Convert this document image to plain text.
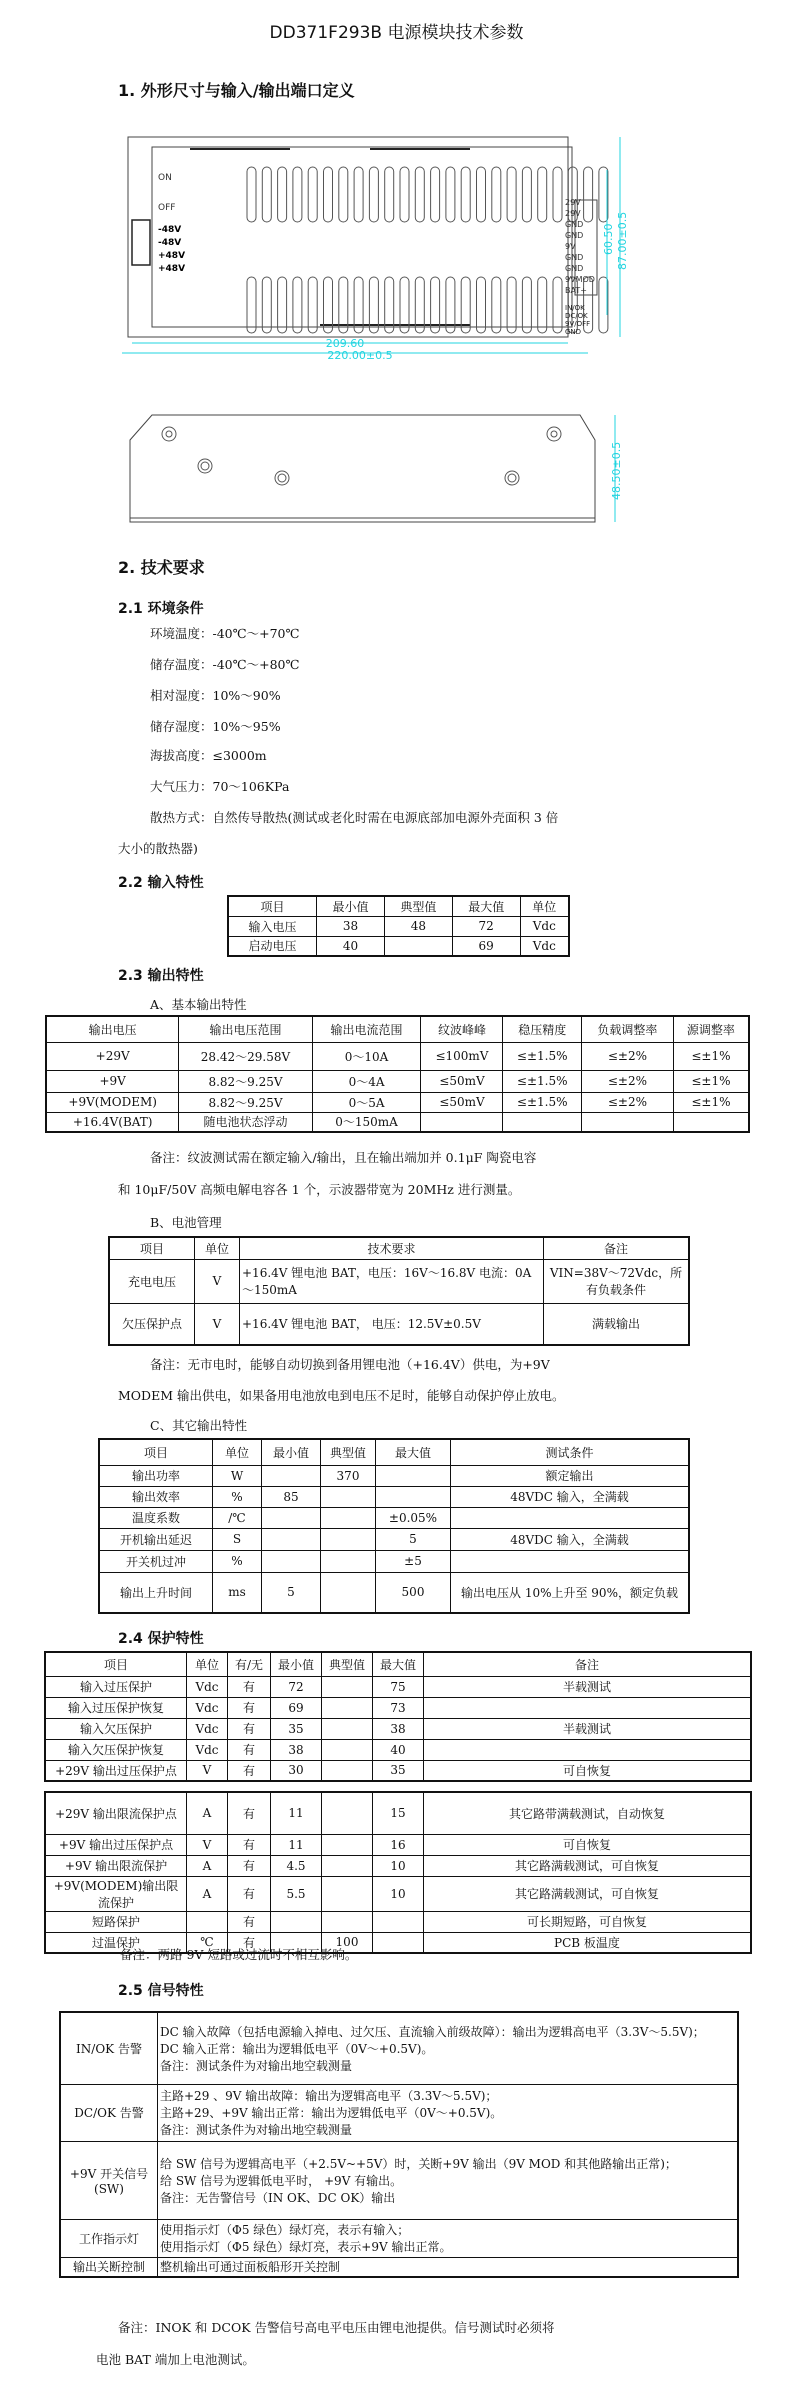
DD371F293B 电源模块技术参数
1. 外形尺寸与输入/输出端口定义
ON
OFF
-48V
-48V
+48V
+48V
29V
29V
GND
GND
9V
GND
GND
9VMOD
BAT+
IN/OK
DC/OK
9V/OFF
GND
209.60
220.00±0.5
60.50 87.00±0.5
48.50±0.5
2. 技术要求
2.1 环境条件
环境温度：-40℃～+70℃
储存温度：-40℃～+80℃
相对湿度：10%～90%
储存湿度：10%～95%
海拔高度：≤3000m
大气压力：70～106KPa
散热方式：自然传导散热(测试或老化时需在电源底部加电源外壳面积 3 倍
大小的散热器)
2.2 输入特性
项目	最小值	典型值	最大值	单位
输入电压	38	48	72	Vdc
启动电压	40		69	Vdc
2.3 输出特性
A、基本输出特性
输出电压	输出电压范围	输出电流范围	纹波峰峰	稳压精度	负载调整率	源调整率
+29V	28.42～29.58V	0～10A	≤100mV	≤±1.5%	≤±2%	≤±1%
+9V	8.82～9.25V	0～4A	≤50mV	≤±1.5%	≤±2%	≤±1%
+9V(MODEM)	8.82～9.25V	0～5A	≤50mV	≤±1.5%	≤±2%	≤±1%
+16.4V(BAT)	随电池状态浮动	0～150mA				
备注：纹波测试需在额定输入/输出，且在输出端加并 0.1μF 陶瓷电容
和 10μF/50V 高频电解电容各 1 个，示波器带宽为 20MHz 进行测量。
B、电池管理
项目	单位	技术要求	备注
充电电压	V	+16.4V 锂电池 BAT，电压：16V～16.8V 电流：0A～150mA	VIN=38V～72Vdc，所有负载条件
欠压保护点	V	+16.4V 锂电池 BAT， 电压：12.5V±0.5V	满载输出
备注：无市电时，能够自动切换到备用锂电池（+16.4V）供电，为+9V
MODEM 输出供电，如果备用电池放电到电压不足时，能够自动保护停止放电。
C、其它输出特性
项目	单位	最小值	典型值	最大值	测试条件
输出功率	W		370		额定输出
输出效率	%	85			48VDC 输入，全满载
温度系数	/℃			±0.05%	
开机输出延迟	S			5	48VDC 输入，全满载
开关机过冲	%			±5	
输出上升时间	ms	5		500	输出电压从 10%上升至 90%，额定负载
2.4 保护特性
项目	单位	有/无	最小值	典型值	最大值	备注
输入过压保护	Vdc	有	72		75	半载测试
输入过压保护恢复	Vdc	有	69		73	
输入欠压保护	Vdc	有	35		38	半载测试
输入欠压保护恢复	Vdc	有	38		40	
+29V 输出过压保护点	V	有	30		35	可自恢复
+29V 输出限流保护点	A	有	11		15	其它路带满载测试，自动恢复
+9V 输出过压保护点	V	有	11		16	可自恢复
+9V 输出限流保护	A	有	4.5		10	其它路满载测试，可自恢复
+9V(MODEM)输出限流保护	A	有	5.5		10	其它路满载测试，可自恢复
短路保护		有				可长期短路，可自恢复
过温保护	℃	有		100		PCB 板温度
备注：两路 9V 短路或过流时不相互影响。
2.5 信号特性
IN/OK 告警	DC 输入故障（包括电源输入掉电、过欠压、直流输入前级故障）：输出为逻辑高电平（3.3V～5.5V)；
DC 输入正常：输出为逻辑低电平（0V～+0.5V)。
备注：测试条件为对输出地空载测量

DC/OK 告警	主路+29 、9V 输出故障：输出为逻辑高电平（3.3V～5.5V)；
主路+29、+9V 输出正常：输出为逻辑低电平（0V～+0.5V)。
备注：测试条件为对输出地空载测量

+9V 开关信号(SW)	给 SW 信号为逻辑高电平（+2.5V~+5V）时，关断+9V 输出（9V MOD 和其他路输出正常)；
给 SW 信号为逻辑低电平时， +9V 有输出。
备注：无告警信号（IN OK、DC OK）输出

工作指示灯	使用指示灯（Φ5 绿色）绿灯亮，表示有输入；
使用指示灯（Φ5 绿色）绿灯亮，表示+9V 输出正常。

输出关断控制	整机输出可通过面板船形开关控制
备注：INOK 和 DCOK 告警信号高电平电压由锂电池提供。信号测试时必须将
电池 BAT 端加上电池测试。
